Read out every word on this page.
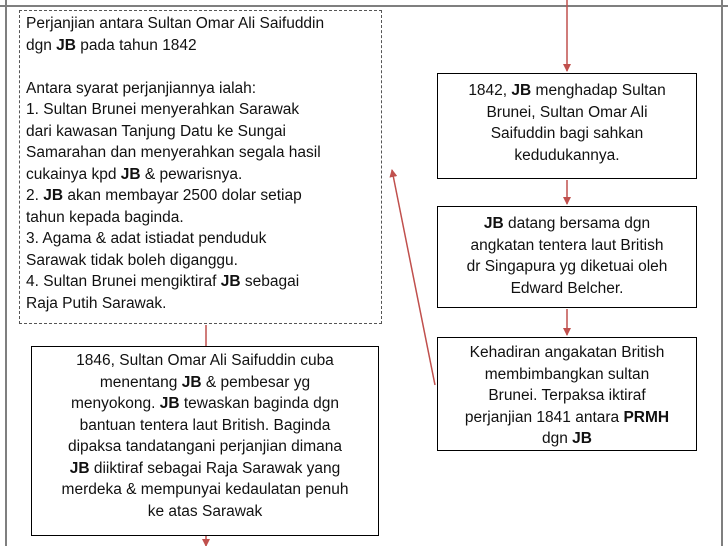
Perjanjian antara Sultan Omar Ali Saifuddin
dgn JB pada tahun 1842
Antara syarat perjanjiannya ialah:
1. Sultan Brunei menyerahkan Sarawak
dari kawasan Tanjung Datu ke Sungai
Samarahan dan menyerahkan segala hasil
cukainya kpd JB & pewarisnya.
2. JB akan membayar 2500 dolar setiap
tahun kepada baginda.
3. Agama & adat istiadat penduduk
Sarawak tidak boleh diganggu.
4. Sultan Brunei mengiktiraf JB sebagai
Raja Putih Sarawak.
1842, JB menghadap Sultan
Brunei, Sultan Omar Ali
Saifuddin bagi sahkan
kedudukannya.
JB datang bersama dgn
angkatan tentera laut British
dr Singapura yg diketuai oleh
Edward Belcher.
Kehadiran angakatan British
membimbangkan sultan
Brunei. Terpaksa iktiraf
perjanjian 1841 antara PRMH
dgn JB
1846, Sultan Omar Ali Saifuddin cuba
menentang JB & pembesar yg
menyokong. JB tewaskan baginda dgn
bantuan tentera laut British. Baginda
dipaksa tandatangani perjanjian dimana
JB diiktiraf sebagai Raja Sarawak yang
merdeka & mempunyai kedaulatan penuh
ke atas Sarawak
